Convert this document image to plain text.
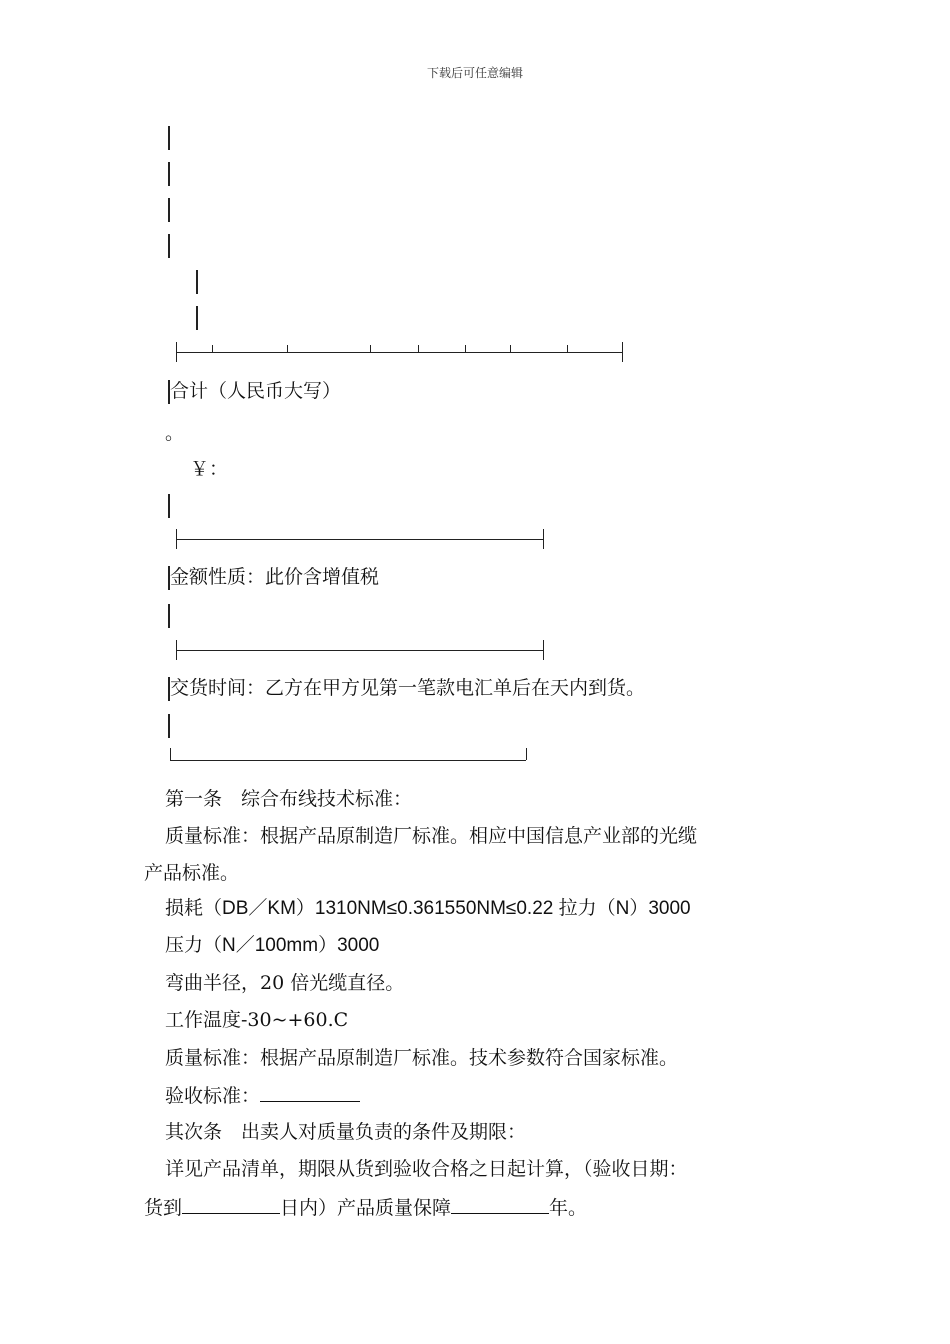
下载后可任意编辑
合计（人民币大写）
。
￥：
金额性质：此价含增值税
交货时间：乙方在甲方见第一笔款电汇单后在天内到货。
第一条　综合布线技术标准：
质量标准：根据产品原制造厂标准。相应中国信息产业部的光缆
产品标准。
损耗（DB／KM）1310NM≤0.361550NM≤0.22 拉力（N）3000
压力（N／100mm）3000
弯曲半径，20 倍光缆直径。
工作温度-30~+60.C
质量标准：根据产品原制造厂标准。技术参数符合国家标准。
验收标准：
其次条　出卖人对质量负责的条件及期限：
详见产品清单，期限从货到验收合格之日起计算，（验收日期：
货到	日内）产品质量保障	年。
